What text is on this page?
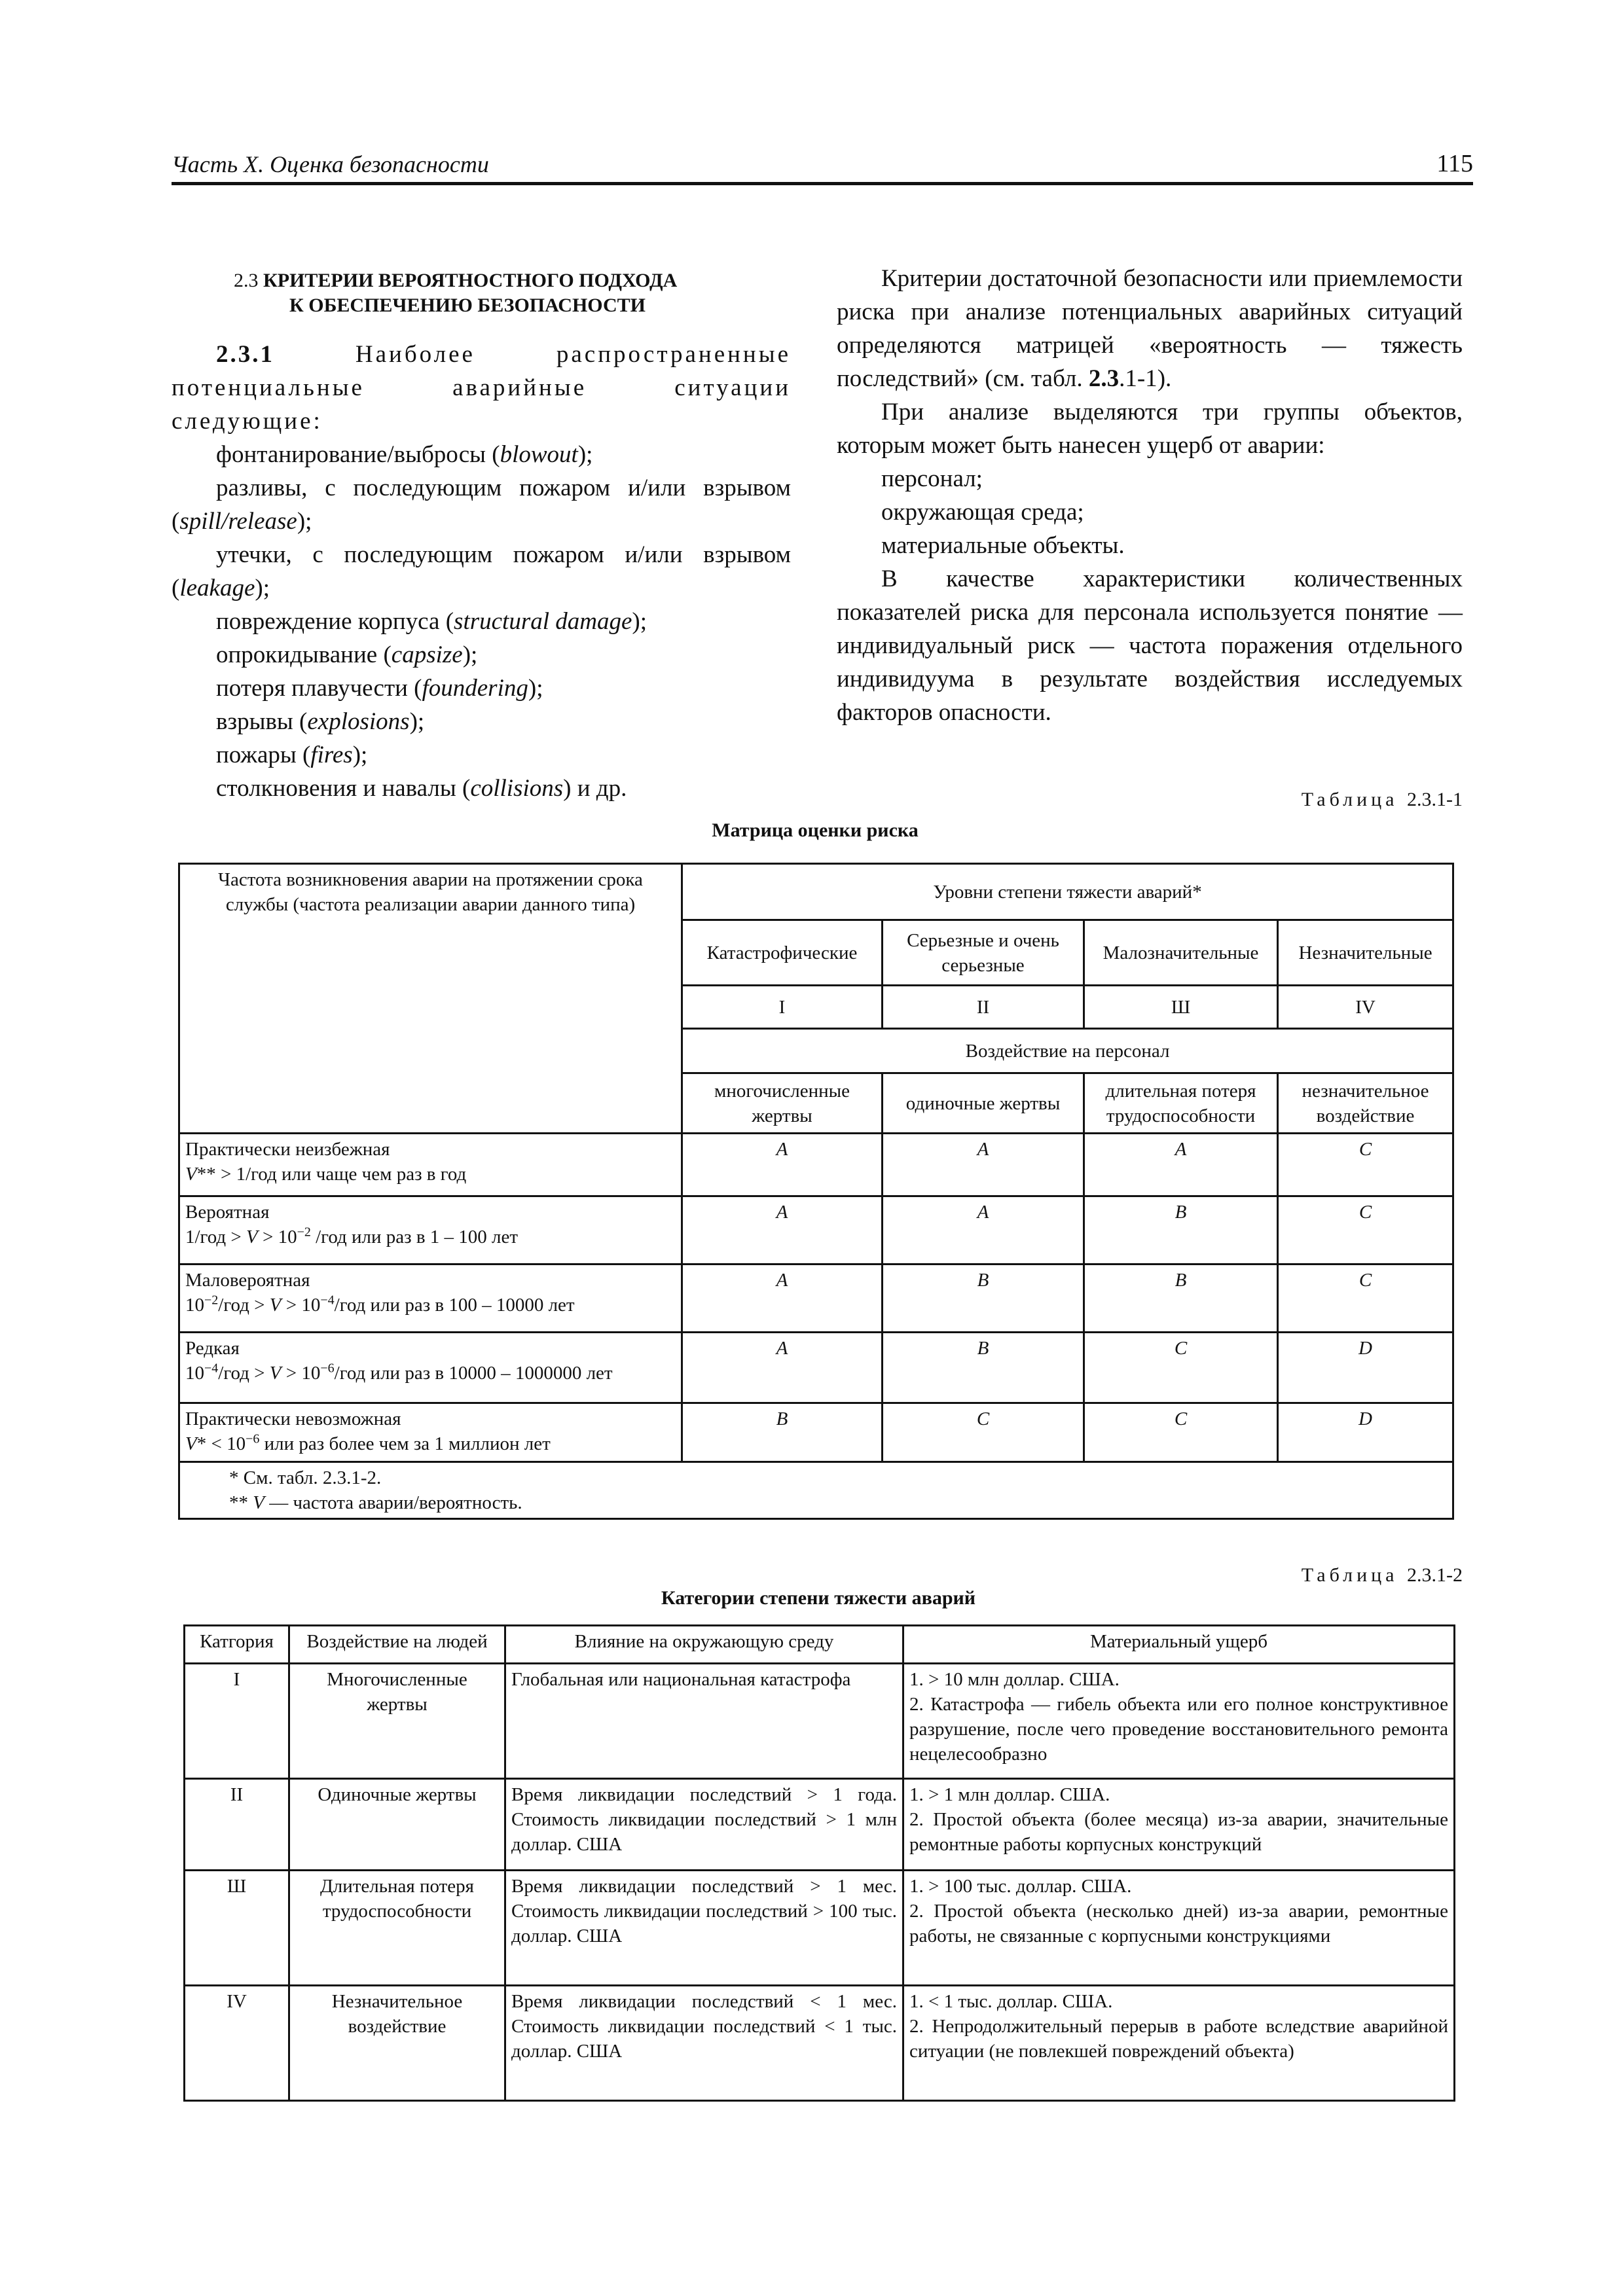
Часть X. Оценка безопасности	115
2.3 КРИТЕРИИ ВЕРОЯТНОСТНОГО ПОДХОДА
К ОБЕСПЕЧЕНИЮ БЕЗОПАСНОСТИ

2.3.1 Наиболее распространенные потенциальные аварийные ситуации следующие:

фонтанирование/выбросы (blowout);

разливы, с последующим пожаром и/или взрывом (spill/release);

утечки, с последующим пожаром и/или взрывом (leakage);

повреждение корпуса (structural damage);

опрокидывание (capsize);

потеря плавучести (foundering);

взрывы (explosions);

пожары (fires);

столкновения и навалы (collisions) и др.

Критерии достаточной безопасности или приемлемости риска при анализе потенциальных аварийных ситуаций определяются матрицей «вероятность — тяжесть последствий» (см. табл. 2.3.1-1).

При анализе выделяются три группы объектов, которым может быть нанесен ущерб от аварии:

персонал;

окружающая среда;

материальные объекты.

В качестве характеристики количественных показателей риска для персонала используется понятие — индивидуальный риск — частота поражения отдельного индивидуума в результате воздействия исследуемых факторов опасности.

Таблица 2.3.1-1
Матрица оценки риска
Частота возникновения аварии на протяжении срока службы (частота реализации аварии данного типа)	Уровни степени тяжести аварий*			
	Катастрофические	Серьезные и очень серьезные	Малозначительные	Незначительные
	I	II	Ш	IV
	Воздействие на персонал			
	многочисленные жертвы	одиночные жертвы	длительная потеря трудоспособности	незначительное воздействие

Практически неизбежная
V** > 1/год или чаще чем раз в год	A	A	A	C

Вероятная
$1/год > V > 10^{-2}$ /год или раз в 1 – 100 лет	A	A	B	C

Маловероятная
$10^{-2}$/год > $V > 10^{-4}$/год или раз в 100 – 10000 лет	A	B	B	C

Редкая
$10^{-4}$/год > $V > 10^{-6}$/год или раз в 10000 – 1000000 лет	A	B	C	D

Практически невозможная
$V* < 10^{-6}$ или раз более чем за 1 миллион лет	B	C	C	D

* См. табл. 2.3.1-2.
** V — частота аварии/вероятность.				
Таблица 2.3.1-2
Категории степени тяжести аварий
Катгория	Воздействие на людей	Влияние на окружающую среду	Материальный ущерб
I	Многочисленные жертвы	Глобальная или национальная катастрофа	1. > 10 млн доллар. США.
2. Катастрофа — гибель объекта или его полное конструктивное разрушение, после чего проведение восстановительного ремонта нецелесообразно

II	Одиночные жертвы	Время ликвидации последствий > 1 года. Стоимость ликвидации последствий > 1 млн доллар. США	1. > 1 млн доллар. США.
2. Простой объекта (более месяца) из-за аварии, значительные ремонтные работы корпусных конструкций

Ш	Длительная потеря трудоспособности	Время ликвидации последствий > 1 мес. Стоимость ликвидации последствий > 100 тыс. доллар. США	1. > 100 тыс. доллар. США.
2. Простой объекта (несколько дней) из-за аварии, ремонтные работы, не связанные с корпусными конструкциями

IV	Незначительное воздействие	Время ликвидации последствий < 1 мес. Стоимость ликвидации последствий < 1 тыс. доллар. США	1. < 1 тыс. доллар. США.
2. Непродолжительный перерыв в работе вследствие аварийной ситуации (не повлекшей повреждений объекта)
